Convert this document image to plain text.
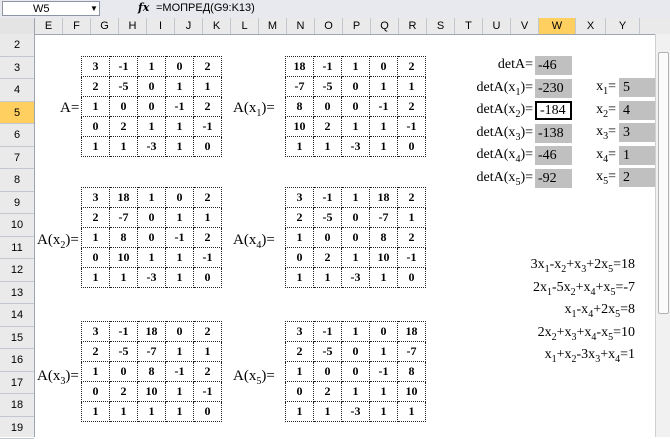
W5	▼	fx =МОПРЕД(G9:K13)
E	F	G	H	I	J	K	L	M	N	O	P	Q	R	S	T	U	V	W	X	Y
2
3
4
5
6
7
8
9
10
11
12
13
14
15
16
17
18
19
A=
3	-1	1	0	2
2	-5	0	1	1
1	0	0	-1	2
0	2	1	1	-1
1	1	-3	1	0
$A(x_1)=$
18	-1	1	0	2
-7	-5	0	1	1
8	0	0	-1	2
10	2	1	1	-1
1	1	-3	1	0
$A(x_2)=$
3	18	1	0	2
2	-7	0	1	1
1	8	0	-1	2
0	10	1	1	-1
1	1	-3	1	0
$A(x_4)=$
3	-1	1	18	2
2	-5	0	-7	1
1	0	0	8	2
0	2	1	10	-1
1	1	-3	1	0
$A(x_3)=$
3	-1	18	0	2
2	-5	-7	1	1
1	0	8	-1	2
0	2	10	1	-1
1	1	1	1	0
$A(x_5)=$
3	-1	1	0	18
2	-5	0	1	-7
1	0	0	-1	8
0	2	1	1	10
1	1	-3	1	1
detA= -46
$\det A(x_1)= -230$
$\det A(x_2)= -184$
$\det A(x_3)= -138$
$\det A(x_4)= -46$
$\det A(x_5)= -92$
$x_1= 5$
$x_2= 4$
$x_3= 3$
$x_4= 1$
$x_5= 2$
$3x_1-x_2+x_3+2x_5=18$
$2x_1-5x_2+x_4+x_5=-7$
$x_1-x_4+2x_5=8$
$2x_2+x_3+x_4-x_5=10$
$x_1+x_2-3x_3+x_4=1$
